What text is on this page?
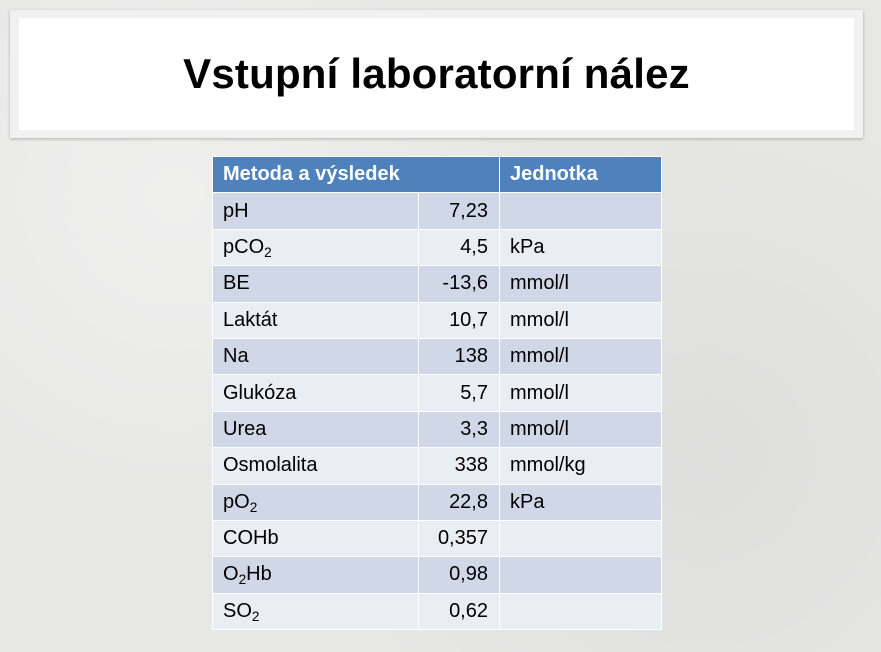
Vstupní laboratorní nález
Metoda a výsledek		Jednotka
pH	7,23	
pCO$_2$	4,5	kPa
BE	-13,6	mmol/l
Laktát	10,7	mmol/l
Na	138	mmol/l
Glukóza	5,7	mmol/l
Urea	3,3	mmol/l
Osmolalita	338	mmol/kg
$pO_2$	22,8	kPa
COHb	0,357	
$O_2Hb$	0,98	
$SO_2$	0,62	
